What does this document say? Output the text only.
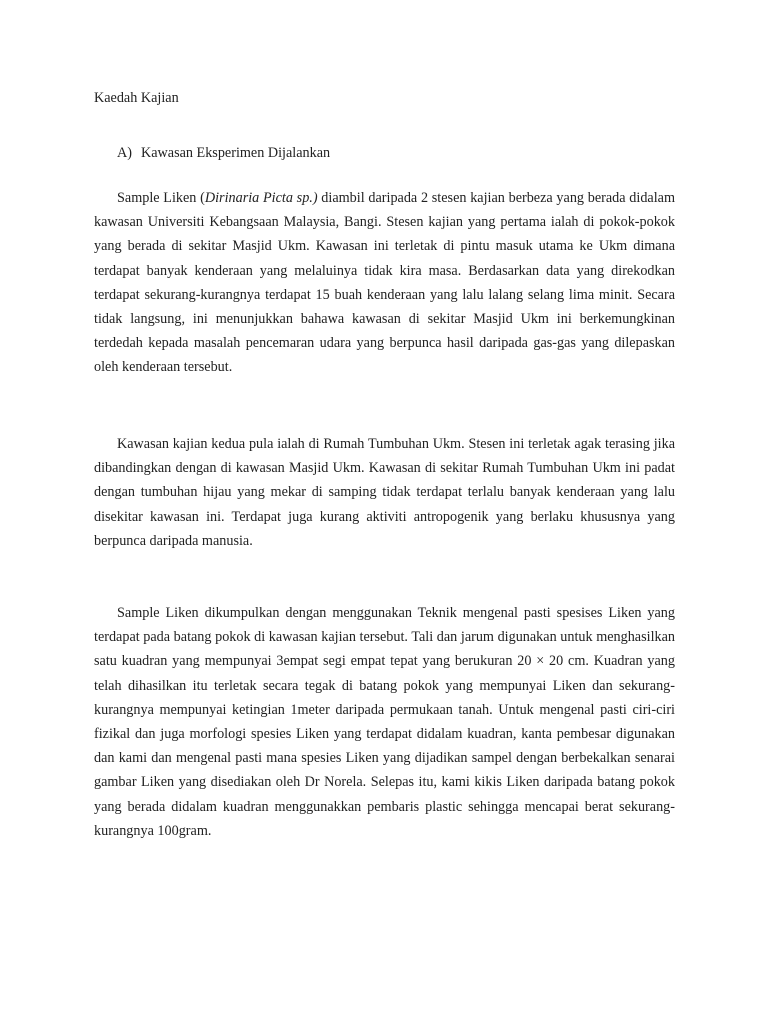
Kaedah Kajian
A) Kawasan Eksperimen Dijalankan

Sample Liken (Dirinaria Picta sp.) diambil daripada 2 stesen kajian berbeza yang berada didalam kawasan Universiti Kebangsaan Malaysia, Bangi. Stesen kajian yang pertama ialah di pokok-pokok yang berada di sekitar Masjid Ukm. Kawasan ini terletak di pintu masuk utama ke Ukm dimana terdapat banyak kenderaan yang melaluinya tidak kira masa. Berdasarkan data yang direkodkan terdapat sekurang-kurangnya terdapat 15 buah kenderaan yang lalu lalang selang lima minit. Secara tidak langsung, ini menunjukkan bahawa kawasan di sekitar Masjid Ukm ini berkemungkinan terdedah kepada masalah pencemaran udara yang berpunca hasil daripada gas-gas yang dilepaskan oleh kenderaan tersebut.

Kawasan kajian kedua pula ialah di Rumah Tumbuhan Ukm. Stesen ini terletak agak terasing jika dibandingkan dengan di kawasan Masjid Ukm. Kawasan di sekitar Rumah Tumbuhan Ukm ini padat dengan tumbuhan hijau yang mekar di samping tidak terdapat terlalu banyak kenderaan yang lalu disekitar kawasan ini. Terdapat juga kurang aktiviti antropogenik yang berlaku khususnya yang berpunca daripada manusia.

Sample Liken dikumpulkan dengan menggunakan Teknik mengenal pasti spesises Liken yang terdapat pada batang pokok di kawasan kajian tersebut. Tali dan jarum digunakan untuk menghasilkan satu kuadran yang mempunyai 3empat segi empat tepat yang berukuran 20 × 20 cm. Kuadran yang telah dihasilkan itu terletak secara tegak di batang pokok yang mempunyai Liken dan sekurang-kurangnya mempunyai ketingian 1meter daripada permukaan tanah. Untuk mengenal pasti ciri-ciri fizikal dan juga morfologi spesies Liken yang terdapat didalam kuadran, kanta pembesar digunakan dan kami dan mengenal pasti mana spesies Liken yang dijadikan sampel dengan berbekalkan senarai gambar Liken yang disediakan oleh Dr Norela. Selepas itu, kami kikis Liken daripada batang pokok yang berada didalam kuadran menggunakkan pembaris plastic sehingga mencapai berat sekurang-kurangnya 100gram.
